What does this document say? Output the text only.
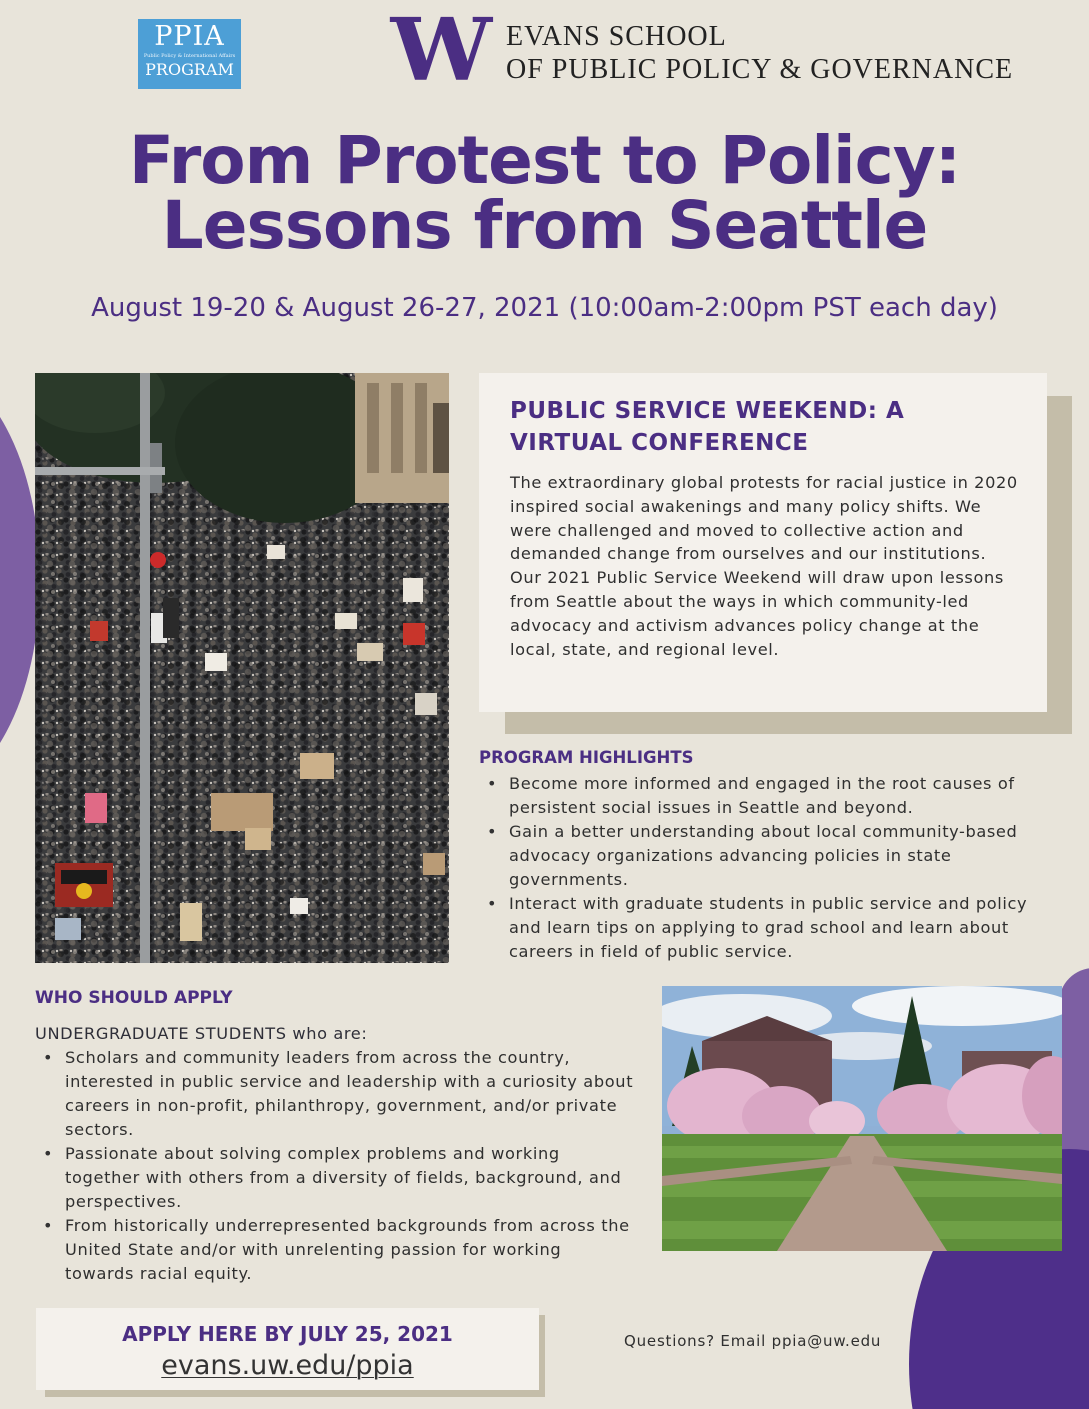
PPIA
Public Policy & International Affairs
PROGRAM W EVANS SCHOOL
OF PUBLIC POLICY & GOVERNANCE
From Protest to Policy:
Lessons from Seattle
August 19-20 & August 26-27, 2021 (10:00am-2:00pm PST each day)
PUBLIC SERVICE WEEKEND: A
VIRTUAL CONFERENCE

The extraordinary global protests for racial justice in 2020 inspired social awakenings and many policy shifts. We were challenged and moved to collective action and demanded change from ourselves and our institutions. Our 2021 Public Service Weekend will draw upon lessons from Seattle about the ways in which community-led advocacy and activism advances policy change at the local, state, and regional level.

PROGRAM HIGHLIGHTS
• Become more informed and engaged in the root causes of persistent social issues in Seattle and beyond.
• Gain a better understanding about local community-based advocacy organizations advancing policies in state governments.
• Interact with graduate students in public service and policy and learn tips on applying to grad school and learn about careers in field of public service.
WHO SHOULD APPLY
UNDERGRADUATE STUDENTS who are:
• Scholars and community leaders from across the country, interested in public service and leadership with a curiosity about careers in non-profit, philanthropy, government, and/or private sectors.
• Passionate about solving complex problems and working together with others from a diversity of fields, background, and perspectives.
• From historically underrepresented backgrounds from across the United State and/or with unrelenting passion for working towards racial equity.
APPLY HERE BY JULY 25, 2021
evans.uw.edu/ppia
Questions? Email ppia@uw.edu
